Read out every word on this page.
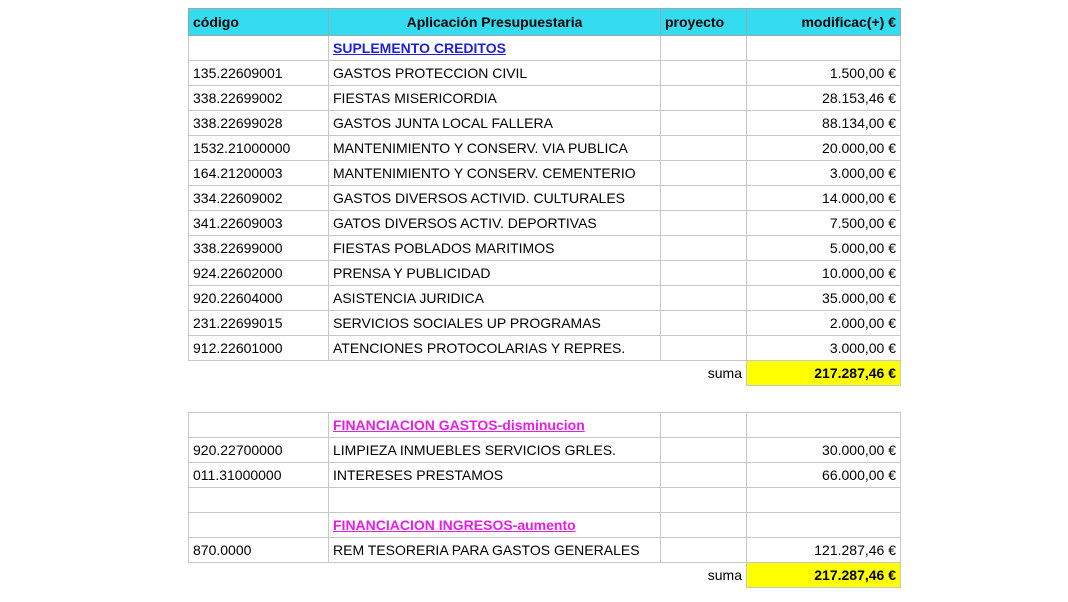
código	Aplicación Presupuestaria	proyecto	modificac(+) €
	SUPLEMENTO CREDITOS		
135.22609001	GASTOS PROTECCION CIVIL		1.500,00 €
338.22699002	FIESTAS MISERICORDIA		28.153,46 €
338.22699028	GASTOS JUNTA LOCAL FALLERA		88.134,00 €
1532.21000000	MANTENIMIENTO Y CONSERV. VIA PUBLICA		20.000,00 €
164.21200003	MANTENIMIENTO Y CONSERV. CEMENTERIO		3.000,00 €
334.22609002	GASTOS DIVERSOS ACTIVID. CULTURALES		14.000,00 €
341.22609003	GATOS DIVERSOS ACTIV. DEPORTIVAS		7.500,00 €
338.22699000	FIESTAS POBLADOS MARITIMOS		5.000,00 €
924.22602000	PRENSA Y PUBLICIDAD		10.000,00 €
920.22604000	ASISTENCIA JURIDICA		35.000,00 €
231.22699015	SERVICIOS SOCIALES UP PROGRAMAS		2.000,00 €
912.22601000	ATENCIONES PROTOCOLARIAS Y REPRES.		3.000,00 €
		suma	217.287,46 €
	FINANCIACION GASTOS-disminucion		
920.22700000	LIMPIEZA INMUEBLES SERVICIOS GRLES.		30.000,00 €
011.31000000	INTERESES PRESTAMOS		66.000,00 €

	FINANCIACION INGRESOS-aumento		
870.0000	REM TESORERIA PARA GASTOS GENERALES		121.287,46 €
		suma	217.287,46 €
